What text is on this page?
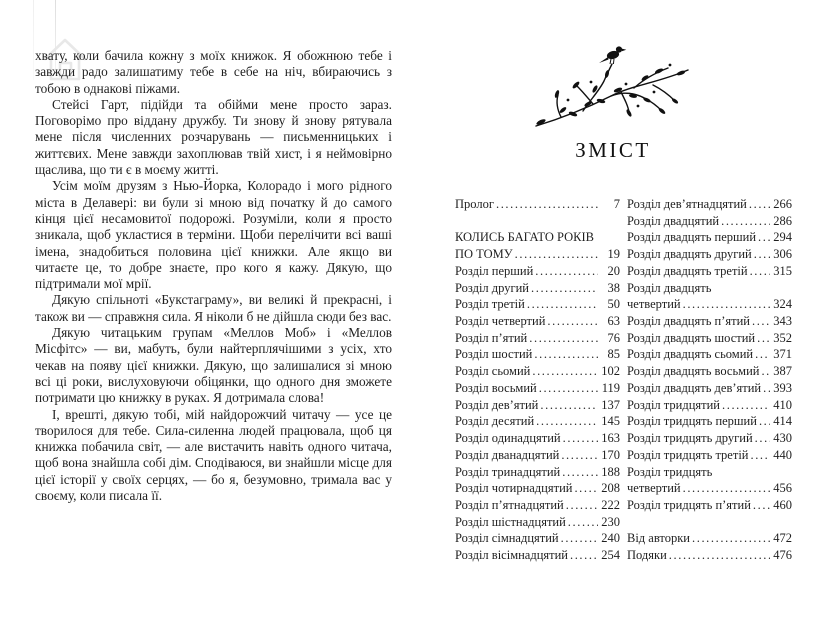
хвату, коли бачила кожну з моїх книжок. Я обожнюю тебе і завжди радо залишатиму тебе в себе на ніч, вбираючись з тобою в однакові піжами.

Стейсі Гарт, підійди та обійми мене просто зараз. Поговорімо про віддану дружбу. Ти знову й знову рятувала мене після численних розчарувань — письменницьких і життєвих. Мене завжди захоплював твій хист, і я неймовірно щаслива, що ти є в моєму житті.

Усім моїм друзям з Нью-Йорка, Колорадо і мого рідного міста в Делавері: ви були зі мною від початку й до самого кінця цієї несамовитої подорожі. Розуміли, коли я просто зникала, щоб укластися в терміни. Щоби перелічити всі ваші імена, знадобиться половина цієї книжки. Але якщо ви читаєте це, то добре знаєте, про кого я кажу. Дякую, що підтримали мої мрії.

Дякую спільноті «Букстаграму», ви великі й прекрасні, і також ви — справжня сила. Я ніколи б не дійшла сюди без вас.

Дякую читацьким групам «Меллов Моб» і «Меллов Місфітс» — ви, мабуть, були найтерплячішими з усіх, хто чекав на появу цієї книжки. Дякую, що залишалися зі мною всі ці роки, вислуховуючи обіцянки, що одного дня зможете потримати цю книжку в руках. Я дотримала слова!

І, врешті, дякую тобі, мій найдорожчий читачу — усе це творилося для тебе. Сила-силенна людей працювала, щоб ця книжка побачила світ, — але вистачить навіть одного читача, щоб вона знайшла собі дім. Сподіваюся, ви знайшли місце для цієї історії у своїх серцях, — бо я, безумовно, тримала вас у своєму, коли писала її.

ЗМІСТ
Пролог .....	7
КОЛИСЬ БАГАТО РОКІВ
ПО ТОМУ .....	19
Розділ перший .....	20
Розділ другий .....	38
Розділ третій .....	50
Розділ четвертий .....	63
Розділ п’ятий .....	76
Розділ шостий .....	85
Розділ сьомий .....	102
Розділ восьмий .....	119
Розділ дев’ятий .....	137
Розділ десятий .....	145
Розділ одинадцятий .....	163
Розділ дванадцятий .....	170
Розділ тринадцятий .....	188
Розділ чотирнадцятий ..... 208
Розділ п’ятнадцятий .....	222
Розділ шістнадцятий .....	230
Розділ сімнадцятий .....	240
Розділ вісімнадцятий .....	254
Розділ дев’ятнадцятий ..... 266
Розділ двадцятий .....	286
Розділ двадцять перший ..... 294
Розділ двадцять другий ..... 306
Розділ двадцять третій ..... 315
Розділ двадцять
четвертий .....	324
Розділ двадцять п’ятий ..... 343
Розділ двадцять шостий ..... 352
Розділ двадцять сьомий ..... 371
Розділ двадцять восьмий ..... 387
Розділ двадцять дев’ятий ..... 393
Розділ тридцятий .....	410
Розділ тридцять перший ..... 414
Розділ тридцять другий ..... 430
Розділ тридцять третій ..... 440
Розділ тридцять
четвертий .....	456
Розділ тридцять п’ятий ..... 460
Від авторки .....	472
Подяки .....	476
